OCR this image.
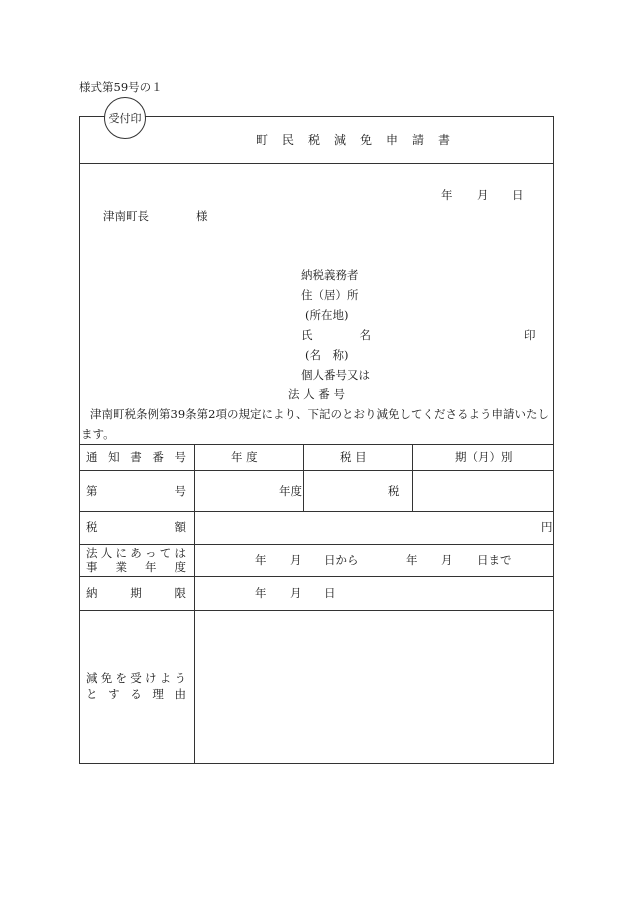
様式第59号の１
受付印
町民税減免申請書
年 月 日
津南町長	様
納税義務者
住（居）所
(所在地)
氏	名	印
(名　称)
個人番号又は
法 人 番 号
津南町税条例第39条第2項の規定により、下記のとおり減免してくださるよう申請いたし
ます。
通 知 書 番 号	年 度	税 目	期（月）別
第	号	年度	税
税	額	円
法 人 に あ っ て は
事 業 年 度	年 月 日から	年 月 日まで
納	期	限	年 月 日
減 免 を 受 け よ う
と す る 理 由
